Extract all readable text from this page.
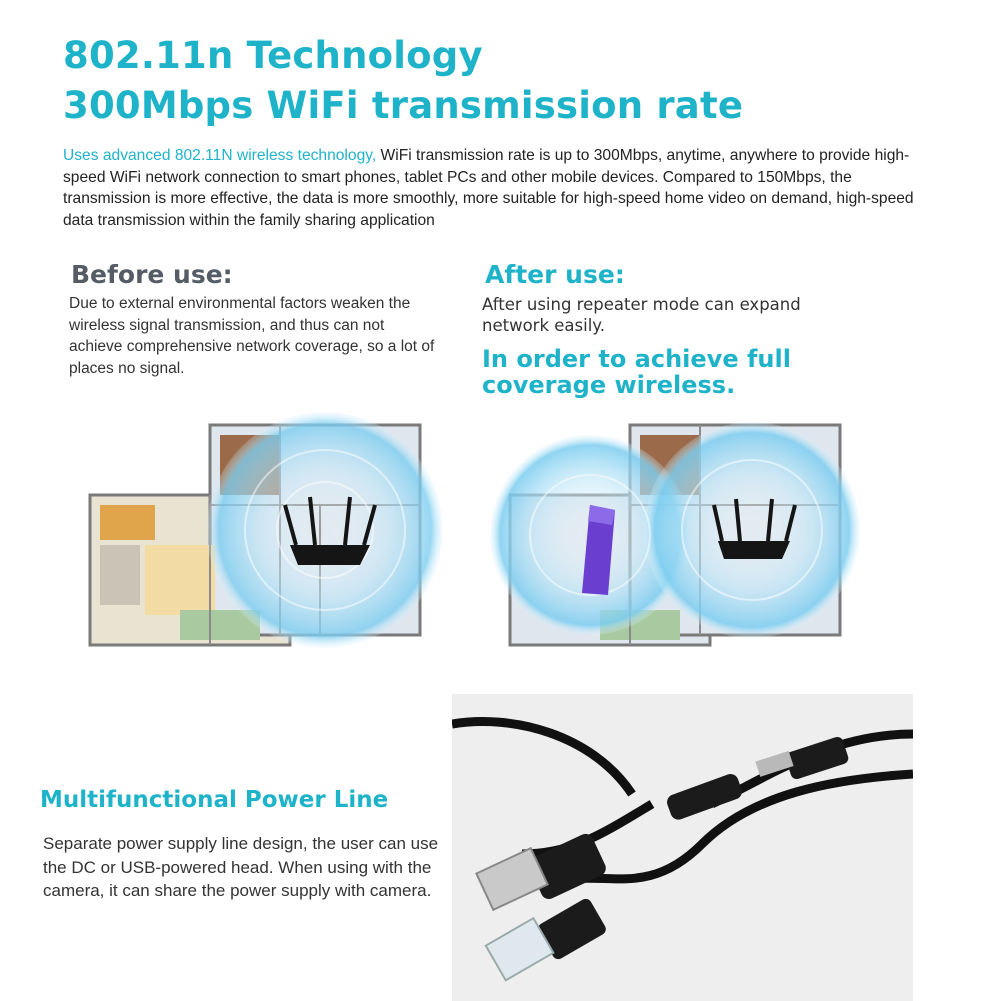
802.11n Technology
300Mbps WiFi transmission rate
Uses advanced 802.11N wireless technology, WiFi transmission rate is up to 300Mbps, anytime, anywhere to provide high-speed WiFi network connection to smart phones, tablet PCs and other mobile devices. Compared to 150Mbps, the transmission is more effective, the data is more smoothly, more suitable for high-speed home video on demand, high-speed data transmission within the family sharing application
Before use:
Due to external environmental factors weaken the wireless signal transmission, and thus can not achieve comprehensive network coverage, so a lot of places no signal.
After use:
After using repeater mode can expand network easily.
In order to achieve full coverage wireless.
Multifunctional Power Line
Separate power supply line design, the user can use the DC or USB-powered head. When using with the camera, it can share the power supply with camera.
